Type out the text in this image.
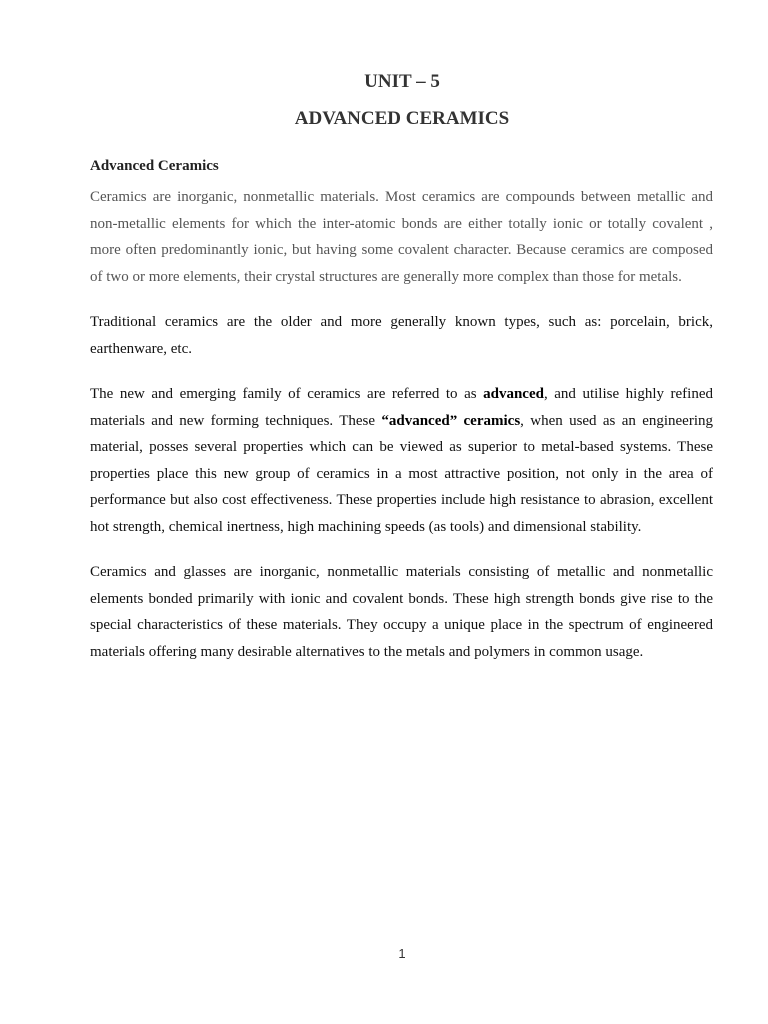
UNIT – 5
ADVANCED CERAMICS
Advanced Ceramics

Ceramics are inorganic, nonmetallic materials. Most ceramics are compounds between metallic and non-metallic elements for which the inter-atomic bonds are either totally ionic or totally covalent , more often predominantly ionic, but having some covalent character. Because ceramics are composed of two or more elements, their crystal structures are generally more complex than those for metals.

Traditional ceramics are the older and more generally known types, such as: porcelain, brick, earthenware, etc.

The new and emerging family of ceramics are referred to as advanced, and utilise highly refined materials and new forming techniques. These “advanced” ceramics, when used as an engineering material, posses several properties which can be viewed as superior to metal-based systems. These properties place this new group of ceramics in a most attractive position, not only in the area of performance but also cost effectiveness. These properties include high resistance to abrasion, excellent hot strength, chemical inertness, high machining speeds (as tools) and dimensional stability.

Ceramics and glasses are inorganic, nonmetallic materials consisting of metallic and nonmetallic elements bonded primarily with ionic and covalent bonds. These high strength bonds give rise to the special characteristics of these materials. They occupy a unique place in the spectrum of engineered materials offering many desirable alternatives to the metals and polymers in common usage.

1
